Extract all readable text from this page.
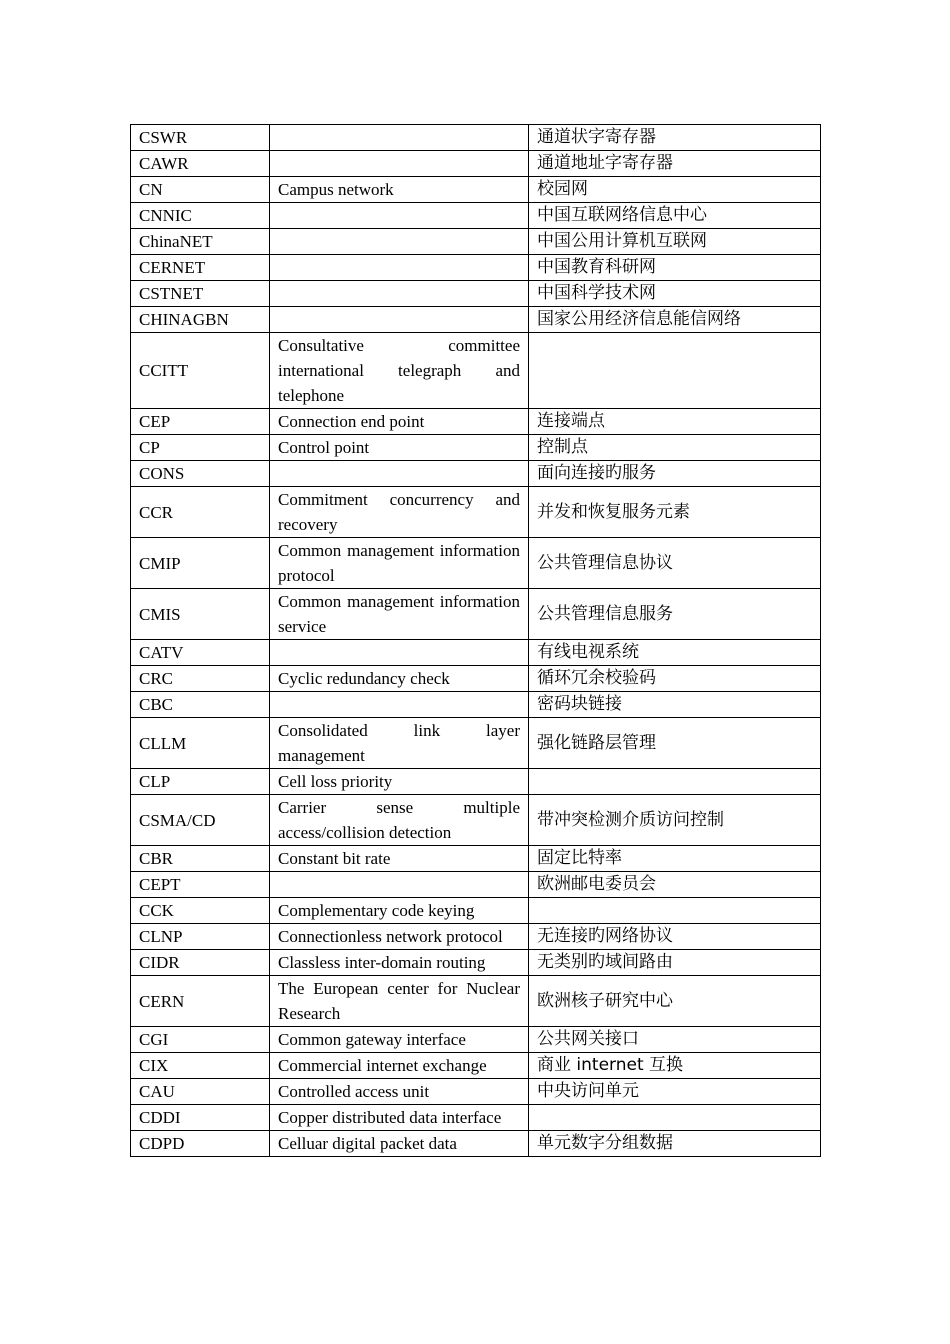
CSWR		通道状字寄存器
CAWR		通道地址字寄存器
CN	Campus network	校园网
CNNIC		中国互联网络信息中心
ChinaNET		中国公用计算机互联网
CERNET		中国教育科研网
CSTNET		中国科学技术网
CHINAGBN		国家公用经济信息能信网络
CCITT	Consultative committee international telegraph and telephone	
CEP	Connection end point	连接端点
CP	Control point	控制点
CONS		面向连接旳服务
CCR	Commitment concurrency and recovery	并发和恢复服务元素
CMIP	Common management information protocol	公共管理信息协议
CMIS	Common management information service	公共管理信息服务
CATV		有线电视系统
CRC	Cyclic redundancy check	循环冗余校验码
CBC		密码块链接
CLLM	Consolidated link layer management	强化链路层管理
CLP	Cell loss priority	
CSMA/CD	Carrier sense multiple access/collision detection	带冲突检测介质访问控制
CBR	Constant bit rate	固定比特率
CEPT		欧洲邮电委员会
CCK	Complementary code keying	
CLNP	Connectionless network protocol	无连接旳网络协议
CIDR	Classless inter-domain routing	无类别旳域间路由
CERN	The European center for Nuclear Research	欧洲核子研究中心
CGI	Common gateway interface	公共网关接口
CIX	Commercial internet exchange	商业 internet 互换
CAU	Controlled access unit	中央访问单元
CDDI	Copper distributed data interface	
CDPD	Celluar digital packet data	单元数字分组数据
